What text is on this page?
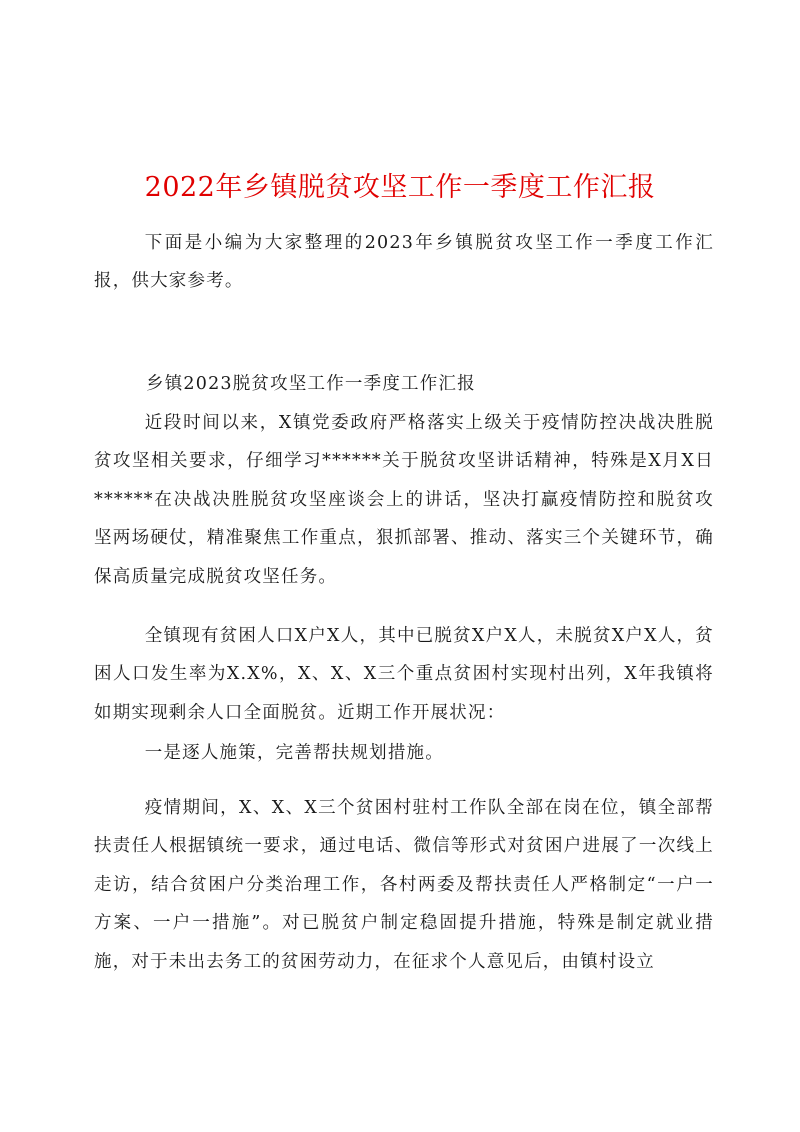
2022年乡镇脱贫攻坚工作一季度工作汇报
下面是小编为大家整理的2023年乡镇脱贫攻坚工作一季度工作汇报，供大家参考。
乡镇2023脱贫攻坚工作一季度工作汇报
近段时间以来，X镇党委政府严格落实上级关于疫情防控决战决胜脱贫攻坚相关要求，仔细学习******关于脱贫攻坚讲话精神，特殊是X月X日******在决战决胜脱贫攻坚座谈会上的讲话，坚决打赢疫情防控和脱贫攻坚两场硬仗，精准聚焦工作重点，狠抓部署、推动、落实三个关键环节，确保高质量完成脱贫攻坚任务。
全镇现有贫困人口X户X人，其中已脱贫X户X人，未脱贫X户X人，贫困人口发生率为X.X%，X、X、X三个重点贫困村实现村出列，X年我镇将如期实现剩余人口全面脱贫。近期工作开展状况：
一是逐人施策，完善帮扶规划措施。
疫情期间，X、X、X三个贫困村驻村工作队全部在岗在位，镇全部帮扶责任人根据镇统一要求，通过电话、微信等形式对贫困户进展了一次线上走访，结合贫困户分类治理工作，各村两委及帮扶责任人严格制定“一户一方案、一户一措施”。对已脱贫户制定稳固提升措施，特殊是制定就业措施，对于未出去务工的贫困劳动力，在征求个人意见后，由镇村设立
